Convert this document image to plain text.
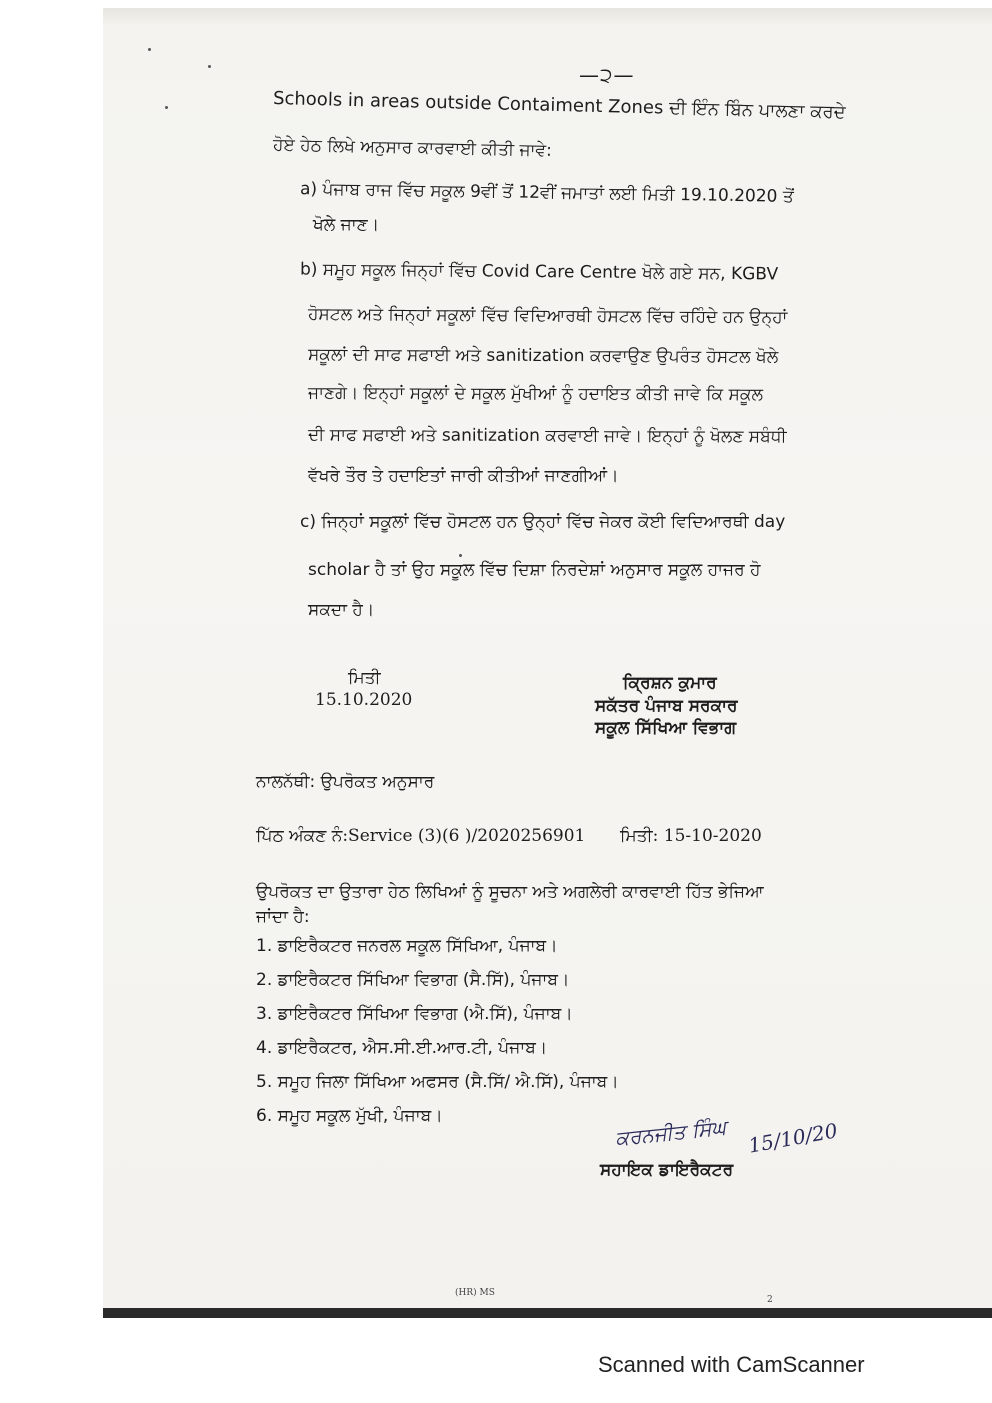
—੨—
Schools in areas outside Contaiment Zones ਦੀ ਇੰਨ ਬਿੰਨ ਪਾਲਣਾ ਕਰਦੇ
ਹੋਏ ਹੇਠ ਲਿਖੇ ਅਨੁਸਾਰ ਕਾਰਵਾਈ ਕੀਤੀ ਜਾਵੇ:
a) ਪੰਜਾਬ ਰਾਜ ਵਿੱਚ ਸਕੂਲ 9ਵੀਂ ਤੋਂ 12ਵੀਂ ਜਮਾਤਾਂ ਲਈ ਮਿਤੀ 19.10.2020 ਤੋਂ
ਖੋਲੇ ਜਾਣ।
b) ਸਮੂਹ ਸਕੂਲ ਜਿਨ੍ਹਾਂ ਵਿੱਚ Covid Care Centre ਖੋਲੇ ਗਏ ਸਨ, KGBV
ਹੋਸਟਲ ਅਤੇ ਜਿਨ੍ਹਾਂ ਸਕੂਲਾਂ ਵਿੱਚ ਵਿਦਿਆਰਥੀ ਹੋਸਟਲ ਵਿੱਚ ਰਹਿੰਦੇ ਹਨ ਉਨ੍ਹਾਂ
ਸਕੂਲਾਂ ਦੀ ਸਾਫ ਸਫਾਈ ਅਤੇ sanitization ਕਰਵਾਉਣ ਉਪਰੰਤ ਹੋਸਟਲ ਖੋਲੇ
ਜਾਣਗੇ। ਇਨ੍ਹਾਂ ਸਕੂਲਾਂ ਦੇ ਸਕੂਲ ਮੁੱਖੀਆਂ ਨੂੰ ਹਦਾਇਤ ਕੀਤੀ ਜਾਵੇ ਕਿ ਸਕੂਲ
ਦੀ ਸਾਫ ਸਫਾਈ ਅਤੇ sanitization ਕਰਵਾਈ ਜਾਵੇ। ਇਨ੍ਹਾਂ ਨੂੰ ਖੋਲਣ ਸਬੰਧੀ
ਵੱਖਰੇ ਤੌਰ ਤੇ ਹਦਾਇਤਾਂ ਜਾਰੀ ਕੀਤੀਆਂ ਜਾਣਗੀਆਂ।
c) ਜਿਨ੍ਹਾਂ ਸਕੂਲਾਂ ਵਿੱਚ ਹੋਸਟਲ ਹਨ ਉਨ੍ਹਾਂ ਵਿੱਚ ਜੇਕਰ ਕੋਈ ਵਿਦਿਆਰਥੀ day
scholar ਹੈ ਤਾਂ ਉਹ ਸਕੂਲ ਵਿੱਚ ਦਿਸ਼ਾ ਨਿਰਦੇਸ਼ਾਂ ਅਨੁਸਾਰ ਸਕੂਲ ਹਾਜਰ ਹੋ
ਸਕਦਾ ਹੈ।
ਮਿਤੀ
15.10.2020
ਕ੍ਰਿਸ਼ਨ ਕੁਮਾਰ
ਸਕੱਤਰ ਪੰਜਾਬ ਸਰਕਾਰ
ਸਕੂਲ ਸਿੱਖਿਆ ਵਿਭਾਗ
ਨਾਲਨੱਥੀ: ਉਪਰੋਕਤ ਅਨੁਸਾਰ
ਪਿੱਠ ਅੰਕਣ ਨੰ:Service (3)(6 )/2020256901 ਮਿਤੀ: 15-10-2020
ਉਪਰੋਕਤ ਦਾ ਉਤਾਰਾ ਹੇਠ ਲਿਖਿਆਂ ਨੂੰ ਸੂਚਨਾ ਅਤੇ ਅਗਲੇਰੀ ਕਾਰਵਾਈ ਹਿੱਤ ਭੇਜਿਆ
ਜਾਂਦਾ ਹੈ:
1. ਡਾਇਰੈਕਟਰ ਜਨਰਲ ਸਕੂਲ ਸਿੱਖਿਆ, ਪੰਜਾਬ।
2. ਡਾਇਰੈਕਟਰ ਸਿੱਖਿਆ ਵਿਭਾਗ (ਸੈ.ਸਿੱ), ਪੰਜਾਬ।
3. ਡਾਇਰੈਕਟਰ ਸਿੱਖਿਆ ਵਿਭਾਗ (ਐ.ਸਿੱ), ਪੰਜਾਬ।
4. ਡਾਇਰੈਕਟਰ, ਐਸ.ਸੀ.ਈ.ਆਰ.ਟੀ, ਪੰਜਾਬ।
5. ਸਮੂਹ ਜਿਲਾ ਸਿੱਖਿਆ ਅਫਸਰ (ਸੈ.ਸਿੱ/ ਐ.ਸਿੱ), ਪੰਜਾਬ।
6. ਸਮੂਹ ਸਕੂਲ ਮੁੱਖੀ, ਪੰਜਾਬ।	ਕਰਨਜੀਤ ਸਿੰਘ 15/10/20
ਸਹਾਇਕ ਡਾਇਰੈਕਟਰ
(HR) MS
2
Scanned with CamScanner
